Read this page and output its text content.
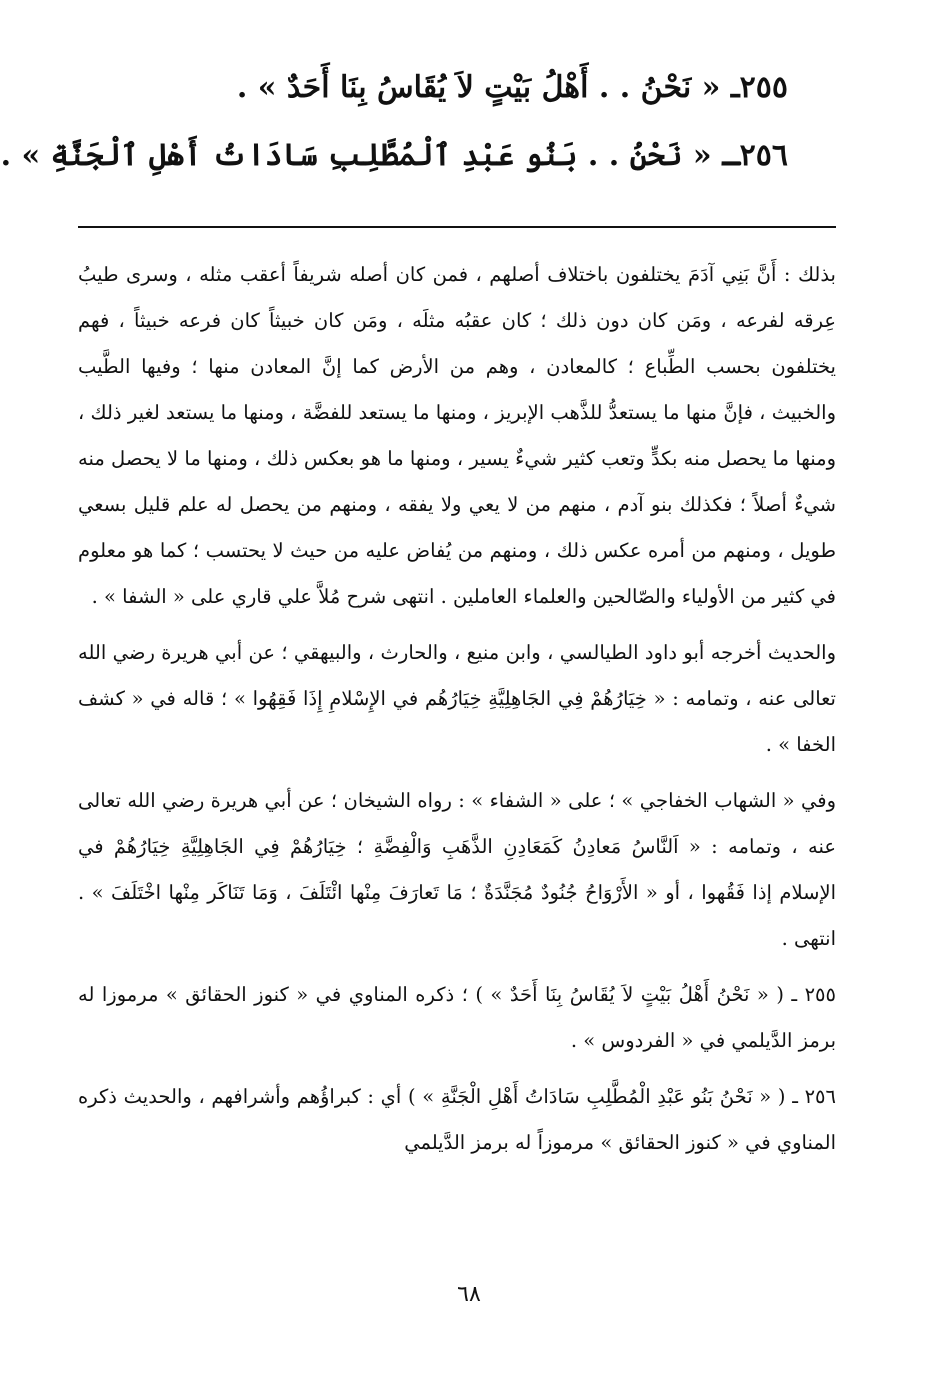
٢٥٥ـ « نَحْنُ . . أَهْلُ بَيْتٍ لاَ يُقَاسُ بِنَا أَحَدٌ » .
٢٥٦ـ « نَحْنُ . . بَنُو عَبْدِ ٱلْمُطَّلِبِ سَادَاتُ أَهْلِ ٱلْجَنَّةِ » .

بذلك : أَنَّ بَنِي آدَمَ يختلفون باختلاف أصلهم ، فمن كان أصله شريفاً أعقب مثله ، وسرى طيبُ عِرقه لفرعه ، ومَن كان دون ذلك ؛ كان عقبُه مثلَه ، ومَن كان خبيثاً كان فرعه خبيثاً ، فهم يختلفون بحسب الطِّباع ؛ كالمعادن ، وهم من الأرض كما إنَّ المعادن منها ؛ وفيها الطَّيب والخبيث ، فإنَّ منها ما يستعدُّ للذَّهب الإبريز ، ومنها ما يستعد للفضَّة ، ومنها ما يستعد لغير ذلك ، ومنها ما يحصل منه بكدٍّ وتعب كثير شيءٌ يسير ، ومنها ما هو بعكس ذلك ، ومنها ما لا يحصل منه شيءٌ أصلاً ؛ فكذلك بنو آدم ، منهم من لا يعي ولا يفقه ، ومنهم من يحصل له علم قليل بسعي طويل ، ومنهم من أمره عكس ذلك ، ومنهم من يُفاض عليه من حيث لا يحتسب ؛ كما هو معلوم في كثير من الأولياء والصّالحين والعلماء العاملين . انتهى شرح مُلاَّ علي قاري على « الشفا » .

والحديث أخرجه أبو داود الطيالسي ، وابن منيع ، والحارث ، والبيهقي ؛ عن أبي هريرة رضي الله تعالى عنه ، وتمامه : « خِيَارُهُمْ فِي الجَاهِلِيَّةِ خِيَارُهُم في الإِسْلامِ إِذَا فَقِهُوا » ؛ قاله في « كشف الخفا » .

وفي « الشهاب الخفاجي » ؛ على « الشفاء » : رواه الشيخان ؛ عن أبي هريرة رضي الله تعالى عنه ، وتمامه : « اَلنَّاسُ مَعادِنُ كَمَعَادِنِ الذَّهَبِ وَالْفِضَّةِ ؛ خِيَارُهُمْ فِي الجَاهِلِيَّةِ خِيَارُهُمْ في الإسلام إذا فَقُهوا ، أو « الأَرْوَاحُ جُنُودٌ مُجَنَّدَةٌ ؛ مَا تَعارَفَ مِنْها ائْتَلَفَ ، وَمَا تَنَاكَر مِنْها اخْتَلَفَ » . انتهى .

٢٥٥ ـ ( « نَحْنُ أَهْلُ بَيْتٍ لاَ يُقَاسُ بِنَا أَحَدٌ » ) ؛ ذكره المناوي في « كنوز الحقائق » مرموزا له برمز الدَّيلمي في « الفردوس » .

٢٥٦ ـ ( « نَحْنُ بَنُو عَبْدِ الْمُطَّلِبِ سَادَاتُ أَهْلِ الْجَنَّةِ » ) أي : كبراؤُهم وأشرافهم ، والحديث ذكره المناوي في « كنوز الحقائق » مرموزاً له برمز الدَّيلمي

٦٨
